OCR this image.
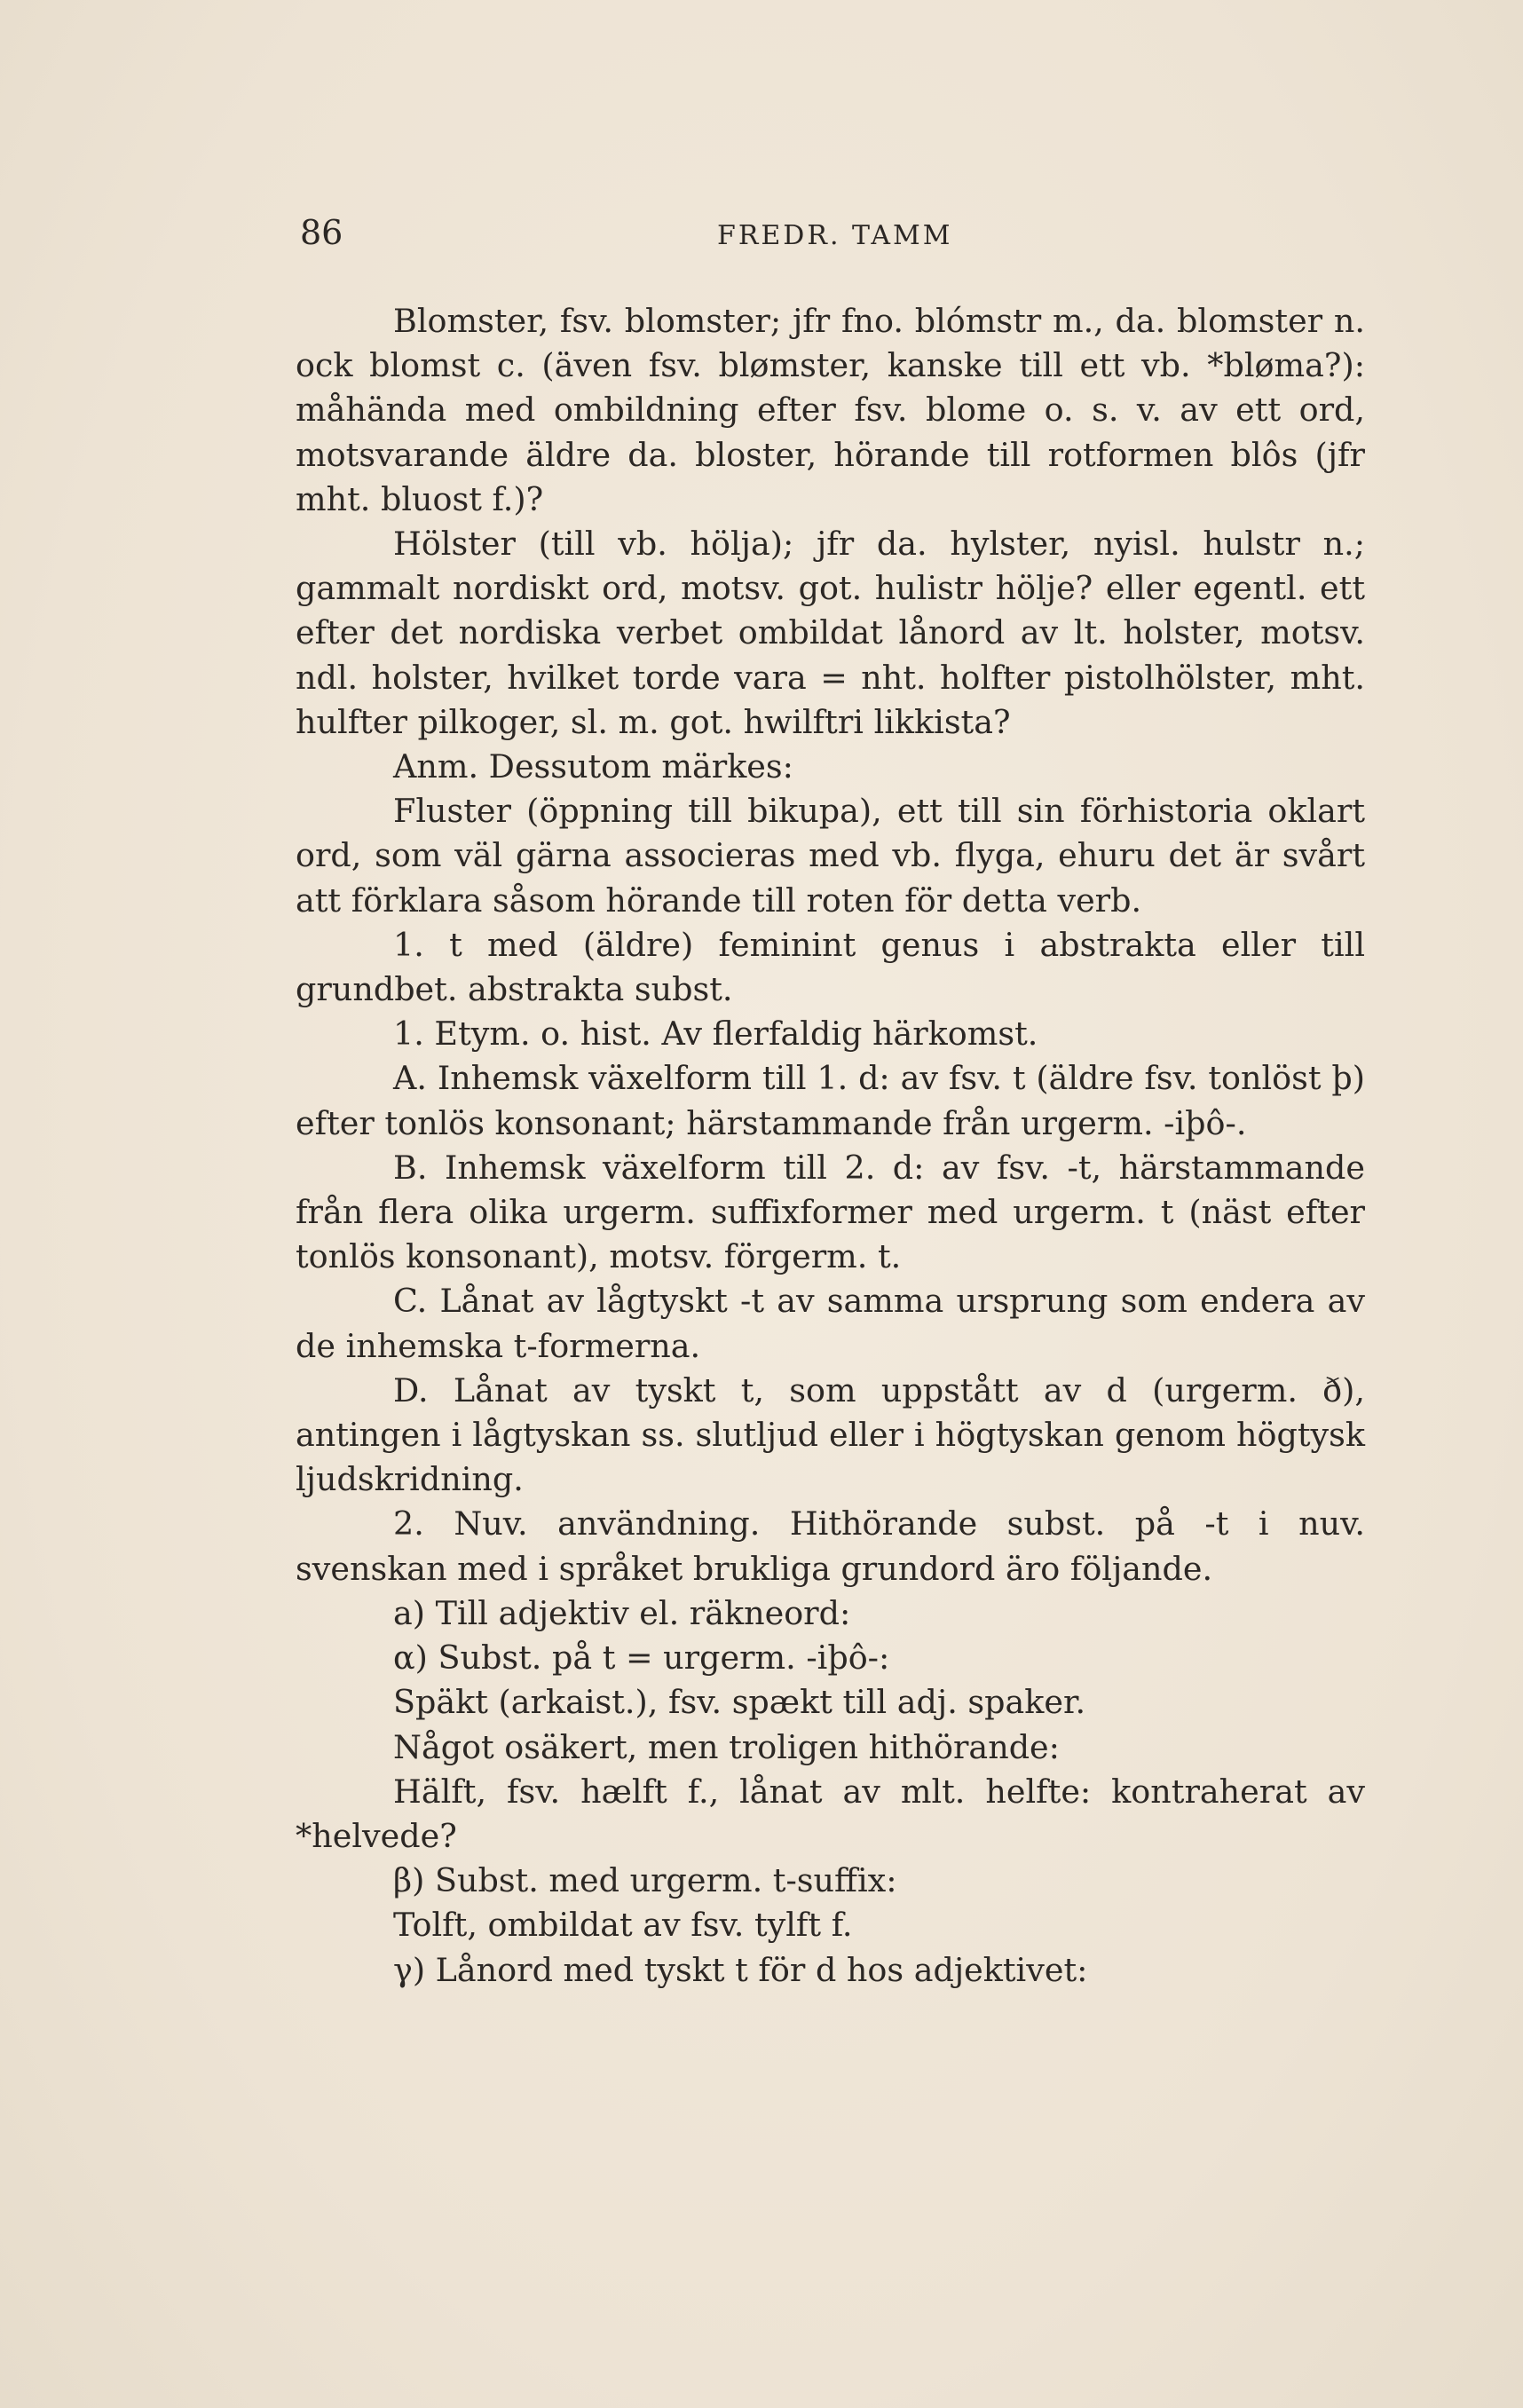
86	FREDR. TAMM

Blomster, fsv. blomster; jfr fno. blómstr m., da. blomster n. ock blomst c. (även fsv. blømster, kanske till ett vb. *bløma?): måhända med ombildning efter fsv. blome o. s. v. av ett ord, motsvarande äldre da. bloster, hörande till rotformen blôs (jfr mht. bluost f.)?

Hölster (till vb. hölja); jfr da. hylster, nyisl. hulstr n.; gammalt nordiskt ord, motsv. got. hulistr hölje? eller egentl. ett efter det nordiska verbet ombildat lånord av lt. holster, motsv. ndl. holster, hvilket torde vara = nht. holfter pistolhölster, mht. hulfter pilkoger, sl. m. got. hwilftri likkista?

Anm. Dessutom märkes:

Fluster (öppning till bikupa), ett till sin förhistoria oklart ord, som väl gärna associeras med vb. flyga, ehuru det är svårt att förklara såsom hörande till roten för detta verb.

1. t med (äldre) feminint genus i abstrakta eller till grundbet. abstrakta subst.

1. Etym. o. hist. Av flerfaldig härkomst.

A. Inhemsk växelform till 1. d: av fsv. t (äldre fsv. tonlöst þ) efter tonlös konsonant; härstammande från urgerm. -iþô-.

B. Inhemsk växelform till 2. d: av fsv. -t, härstammande från flera olika urgerm. suffixformer med urgerm. t (näst efter tonlös konsonant), motsv. förgerm. t.

C. Lånat av lågtyskt -t av samma ursprung som endera av de inhemska t-formerna.

D. Lånat av tyskt t, som uppstått av d (urgerm. ð), antingen i lågtyskan ss. slutljud eller i högtyskan genom högtysk ljudskridning.

2. Nuv. användning. Hithörande subst. på -t i nuv. svenskan med i språket brukliga grundord äro följande.

a) Till adjektiv el. räkneord:

α) Subst. på t = urgerm. -iþô-:

Späkt (arkaist.), fsv. spækt till adj. spaker.

Något osäkert, men troligen hithörande:

Hälft, fsv. hælft f., lånat av mlt. helfte: kontraherat av *helvede?

β) Subst. med urgerm. t-suffix:

Tolft, ombildat av fsv. tylft f.

γ) Lånord med tyskt t för d hos adjektivet:
